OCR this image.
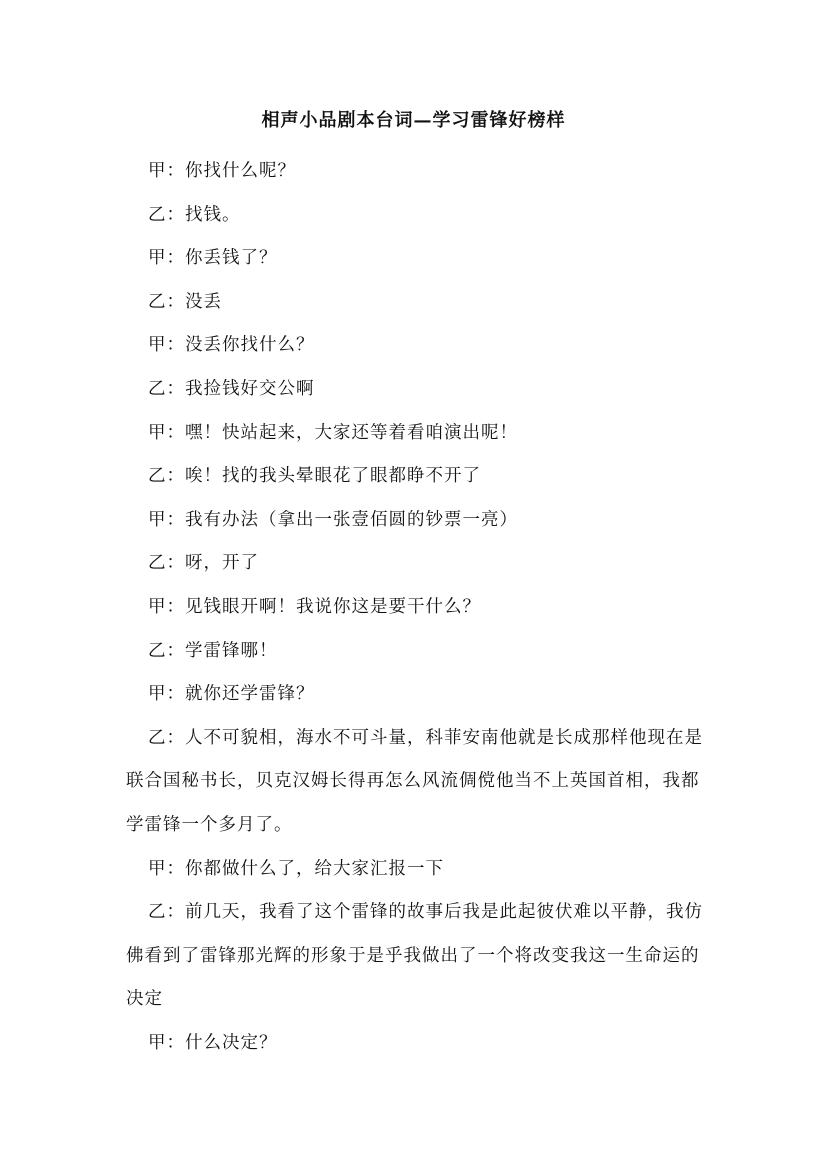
相声小品剧本台词—学习雷锋好榜样

甲：你找什么呢？

乙：找钱。

甲：你丢钱了？

乙：没丢

甲：没丢你找什么？

乙：我捡钱好交公啊

甲：嘿！快站起来，大家还等着看咱演出呢！

乙：唉！找的我头晕眼花了眼都睁不开了

甲：我有办法（拿出一张壹佰圆的钞票一亮）

乙：呀，开了

甲：见钱眼开啊！我说你这是要干什么？

乙：学雷锋哪！

甲：就你还学雷锋？

乙：人不可貌相，海水不可斗量，科菲安南他就是长成那样他现在是联合国秘书长，贝克汉姆长得再怎么风流倜傥他当不上英国首相，我都学雷锋一个多月了。

甲：你都做什么了，给大家汇报一下

乙：前几天，我看了这个雷锋的故事后我是此起彼伏难以平静，我仿佛看到了雷锋那光辉的形象于是乎我做出了一个将改变我这一生命运的决定

甲：什么决定？
